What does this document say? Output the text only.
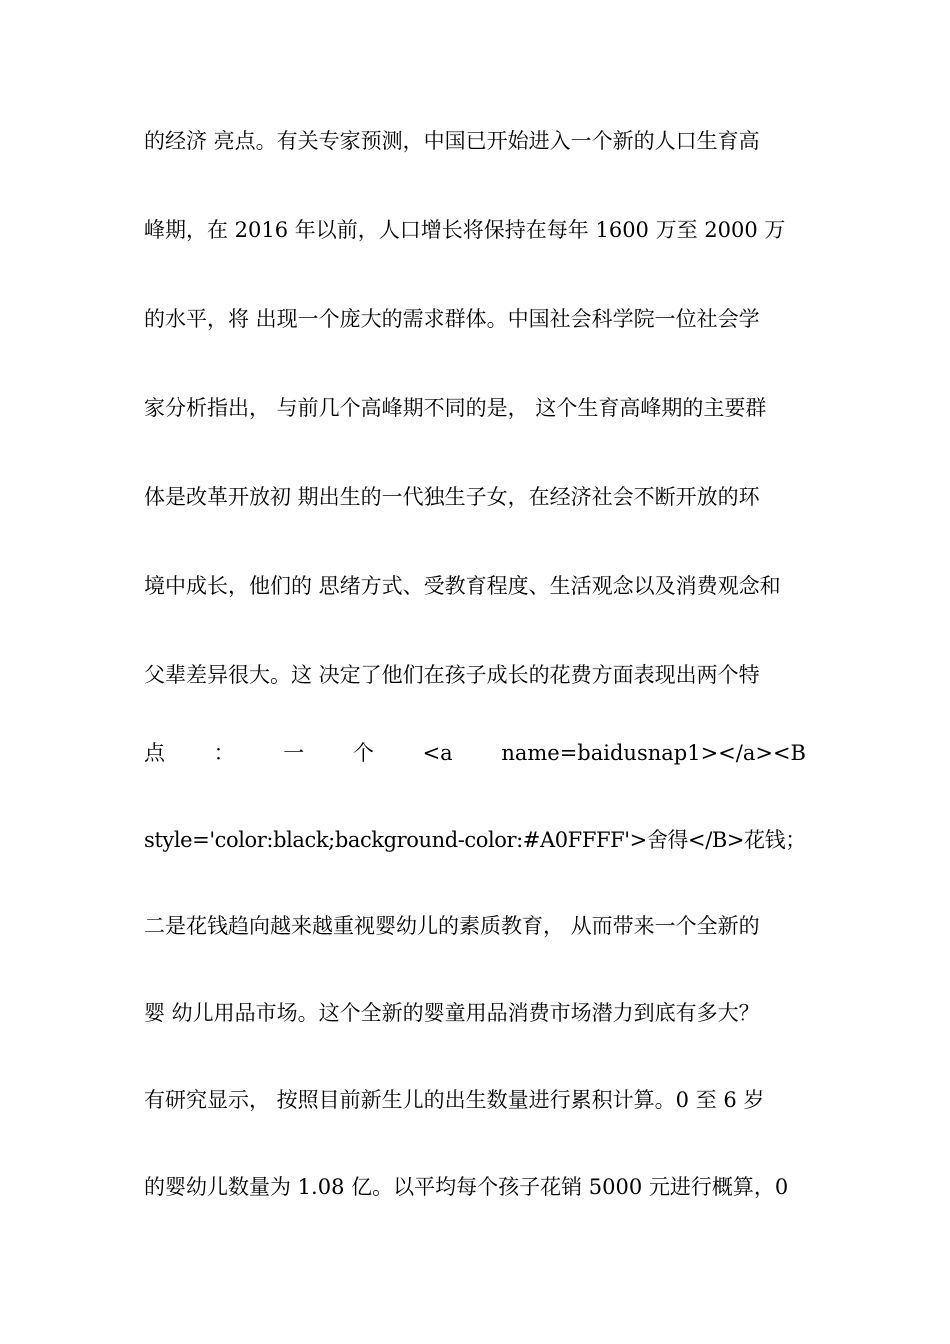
的经济 亮点。有关专家预测，中国已开始进入一个新的人口生育高
峰期，在 2016 年以前，人口增长将保持在每年 1600 万至 2000 万
的水平，将 出现一个庞大的需求群体。中国社会科学院一位社会学
家分析指出， 与前几个高峰期不同的是， 这个生育高峰期的主要群
体是改革开放初 期出生的一代独生子女，在经济社会不断开放的环
境中成长，他们的 思绪方式、受教育程度、生活观念以及消费观念和
父辈差异很大。这 决定了他们在孩子成长的花费方面表现出两个特
点 ： 一 个 <a name=baidusnap1></a><B
style='color:black;background-color:#A0FFFF'>舍得</B>花钱；
二是花钱趋向越来越重视婴幼儿的素质教育， 从而带来一个全新的
婴 幼儿用品市场。这个全新的婴童用品消费市场潜力到底有多大？
有研究显示， 按照目前新生儿的出生数量进行累积计算。0 至 6 岁
的婴幼儿数量为 1.08 亿。以平均每个孩子花销 5000 元进行概算，0
